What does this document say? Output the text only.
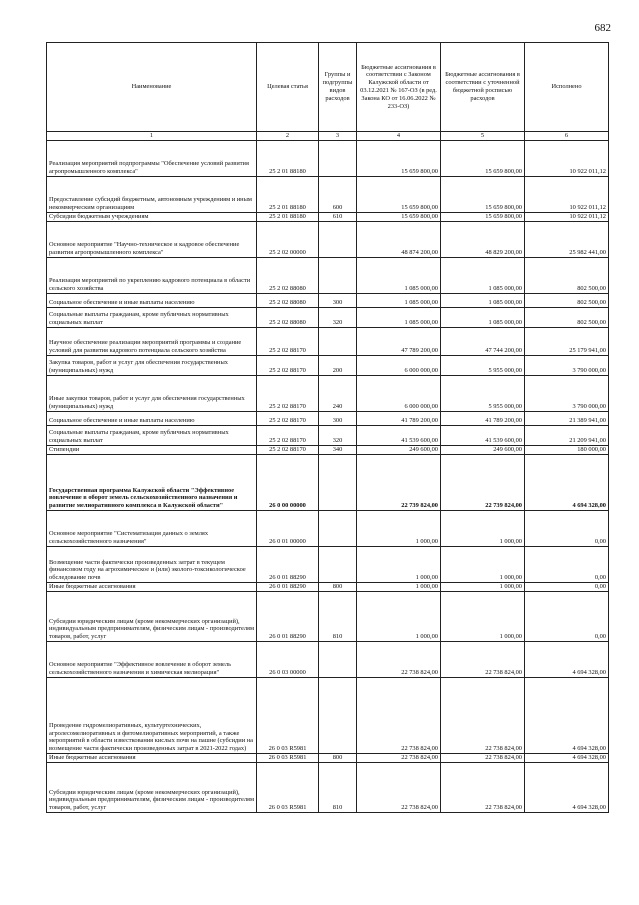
682
Наименование	Целевая статья	Группы и подгруппы видов расходов	Бюджетные ассигнования в соответствии с Законом Калужской области от 03.12.2021 № 167-ОЗ (в ред. Закона КО от 16.06.2022 № 233-ОЗ)	Бюджетные ассигнования в соответствии с уточненной бюджетной росписью расходов	Исполнено
1	2	3	4	5	6
Реализация мероприятий подпрограммы "Обеспечение условий развития агропромышленного комплекса"	25 2 01 88180		15 659 800,00	15 659 800,00	10 922 011,12
Предоставление субсидий бюджетным, автономным учреждениям и иным некоммерческим организациям	25 2 01 88180	600	15 659 800,00	15 659 800,00	10 922 011,12
Субсидии бюджетным учреждениям	25 2 01 88180	610	15 659 800,00	15 659 800,00	10 922 011,12
Основное мероприятие "Научно-техническое и кадровое обеспечение развития агропромышленного комплекса"	25 2 02 00000		48 874 200,00	48 829 200,00	25 982 441,00
Реализация мероприятий по укреплению кадрового потенциала в области сельского хозяйства	25 2 02 88080		1 085 000,00	1 085 000,00	802 500,00
Социальное обеспечение и иные выплаты населению	25 2 02 88080	300	1 085 000,00	1 085 000,00	802 500,00
Социальные выплаты гражданам, кроме публичных нормативных социальных выплат	25 2 02 88080	320	1 085 000,00	1 085 000,00	802 500,00
Научное обеспечение реализации мероприятий программы и создание условий для развития кадрового потенциала сельского хозяйства	25 2 02 88170		47 789 200,00	47 744 200,00	25 179 941,00
Закупка товаров, работ и услуг для обеспечения государственных (муниципальных) нужд	25 2 02 88170	200	6 000 000,00	5 955 000,00	3 790 000,00
Иные закупки товаров, работ и услуг для обеспечения государственных (муниципальных) нужд	25 2 02 88170	240	6 000 000,00	5 955 000,00	3 790 000,00
Социальное обеспечение и иные выплаты населению	25 2 02 88170	300	41 789 200,00	41 789 200,00	21 389 941,00
Социальные выплаты гражданам, кроме публичных нормативных социальных выплат	25 2 02 88170	320	41 539 600,00	41 539 600,00	21 209 941,00
Стипендии	25 2 02 88170	340	249 600,00	249 600,00	180 000,00
Государственная программа Калужской области "Эффективное вовлечение в оборот земель сельскохозяйственного назначения и развитие мелиоративного комплекса в Калужской области"	26 0 00 00000		22 739 824,00	22 739 824,00	4 694 328,00
Основное мероприятие "Систематизация данных о землях сельскохозяйственного назначения"	26 0 01 00000		1 000,00	1 000,00	0,00
Возмещение части фактически произведенных затрат в текущем финансовом году на агрохимическое и (или) эколого-токсикологическое обследование почв	26 0 01 88290		1 000,00	1 000,00	0,00
Иные бюджетные ассигнования	26 0 01 88290	800	1 000,00	1 000,00	0,00
Субсидии юридическим лицам (кроме некоммерческих организаций), индивидуальным предпринимателям, физическим лицам - производителям товаров, работ, услуг	26 0 01 88290	810	1 000,00	1 000,00	0,00
Основное мероприятие "Эффективное вовлечение в оборот земель сельскохозяйственного назначения и химическая мелиорация"	26 0 03 00000		22 738 824,00	22 738 824,00	4 694 328,00
Проведение гидромелиоративных, культуртехнических, агролесомелиоративных и фитомелиоративных мероприятий, а также мероприятий в области известкования кислых почв на пашне (субсидии на возмещение части фактически произведенных затрат в 2021-2022 годах)	26 0 03 R5981		22 738 824,00	22 738 824,00	4 694 328,00
Иные бюджетные ассигнования	26 0 03 R5981	800	22 738 824,00	22 738 824,00	4 694 328,00
Субсидии юридическим лицам (кроме некоммерческих организаций), индивидуальным предпринимателям, физическим лицам - производителям товаров, работ, услуг	26 0 03 R5981	810	22 738 824,00	22 738 824,00	4 694 328,00
